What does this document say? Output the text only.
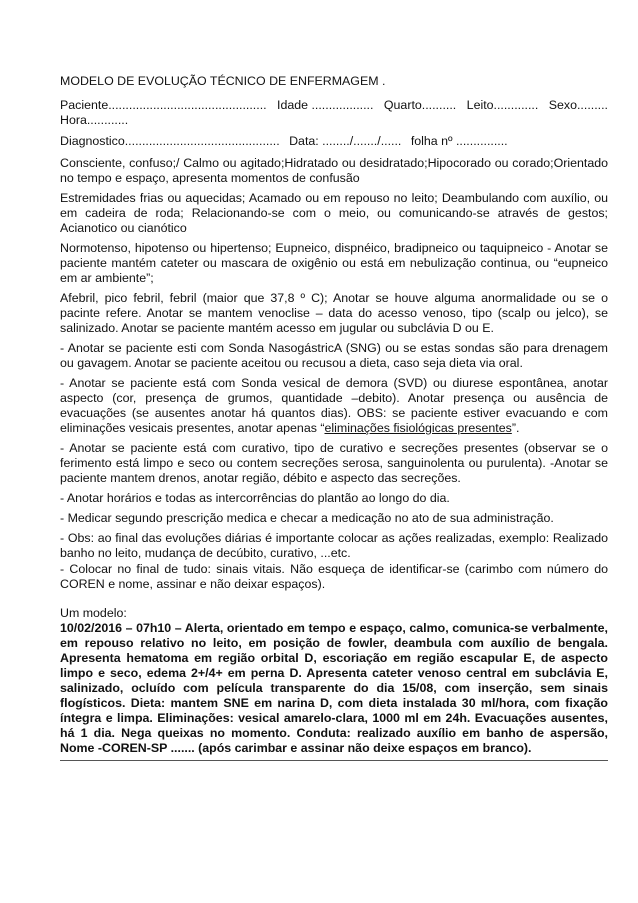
MODELO DE EVOLUÇÃO TÉCNICO DE ENFERMAGEM .
Paciente.............................................. Idade .................. Quarto.......... Leito............. Sexo.........
Hora............
Diagnostico............................................. Data: ......../......./...... folha nº ...............

Consciente, confuso;/ Calmo ou agitado;Hidratado ou desidratado;Hipocorado ou corado;Orientado no tempo e espaço, apresenta momentos de confusão

Estremidades frias ou aquecidas; Acamado ou em repouso no leito; Deambulando com auxílio, ou em cadeira de roda; Relacionando-se com o meio, ou comunicando-se através de gestos; Acianotico ou cianótico

Normotenso, hipotenso ou hipertenso; Eupneico, dispnéico, bradipneico ou taquipneico - Anotar se paciente mantém cateter ou mascara de oxigênio ou está em nebulização continua, ou “eupneico em ar ambiente”;

Afebril, pico febril, febril (maior que 37,8 º C); Anotar se houve alguma anormalidade ou se o pacinte refere. Anotar se mantem venoclise – data do acesso venoso, tipo (scalp ou jelco), se salinizado. Anotar se paciente mantém acesso em jugular ou subclávia D ou E.

- Anotar se paciente esti com Sonda NasogástricA (SNG) ou se estas sondas são para drenagem ou gavagem. Anotar se paciente aceitou ou recusou a dieta, caso seja dieta via oral.

- Anotar se paciente está com Sonda vesical de demora (SVD) ou diurese espontânea, anotar aspecto (cor, presença de grumos, quantidade –debito). Anotar presença ou ausência de evacuações (se ausentes anotar há quantos dias). OBS: se paciente estiver evacuando e com eliminações vesicais presentes, anotar apenas “eliminações fisiológicas presentes”.

- Anotar se paciente está com curativo, tipo de curativo e secreções presentes (observar se o ferimento está limpo e seco ou contem secreções serosa, sanguinolenta ou purulenta). -Anotar se paciente mantem drenos, anotar região, débito e aspecto das secreções.

- Anotar horários e todas as intercorrências do plantão ao longo do dia.

- Medicar segundo prescrição medica e checar a medicação no ato de sua administração.

- Obs: ao final das evoluções diárias é importante colocar as ações realizadas, exemplo: Realizado banho no leito, mudança de decúbito, curativo, ...etc.

- Colocar no final de tudo: sinais vitais. Não esqueça de identificar-se (carimbo com número do COREN e nome, assinar e não deixar espaços).

Um modelo:

10/02/2016 – 07h10 – Alerta, orientado em tempo e espaço, calmo, comunica-se verbalmente, em repouso relativo no leito, em posição de fowler, deambula com auxílio de bengala. Apresenta hematoma em região orbital D, escoriação em região escapular E, de aspecto limpo e seco, edema 2+/4+ em perna D. Apresenta cateter venoso central em subclávia E, salinizado, ocluído com película transparente do dia 15/08, com inserção, sem sinais flogísticos. Dieta: mantem SNE em narina D, com dieta instalada 30 ml/hora, com fixação íntegra e limpa. Eliminações: vesical amarelo-clara, 1000 ml em 24h. Evacuações ausentes, há 1 dia. Nega queixas no momento. Conduta: realizado auxílio em banho de aspersão, Nome -COREN-SP ....... (após carimbar e assinar não deixe espaços em branco).
